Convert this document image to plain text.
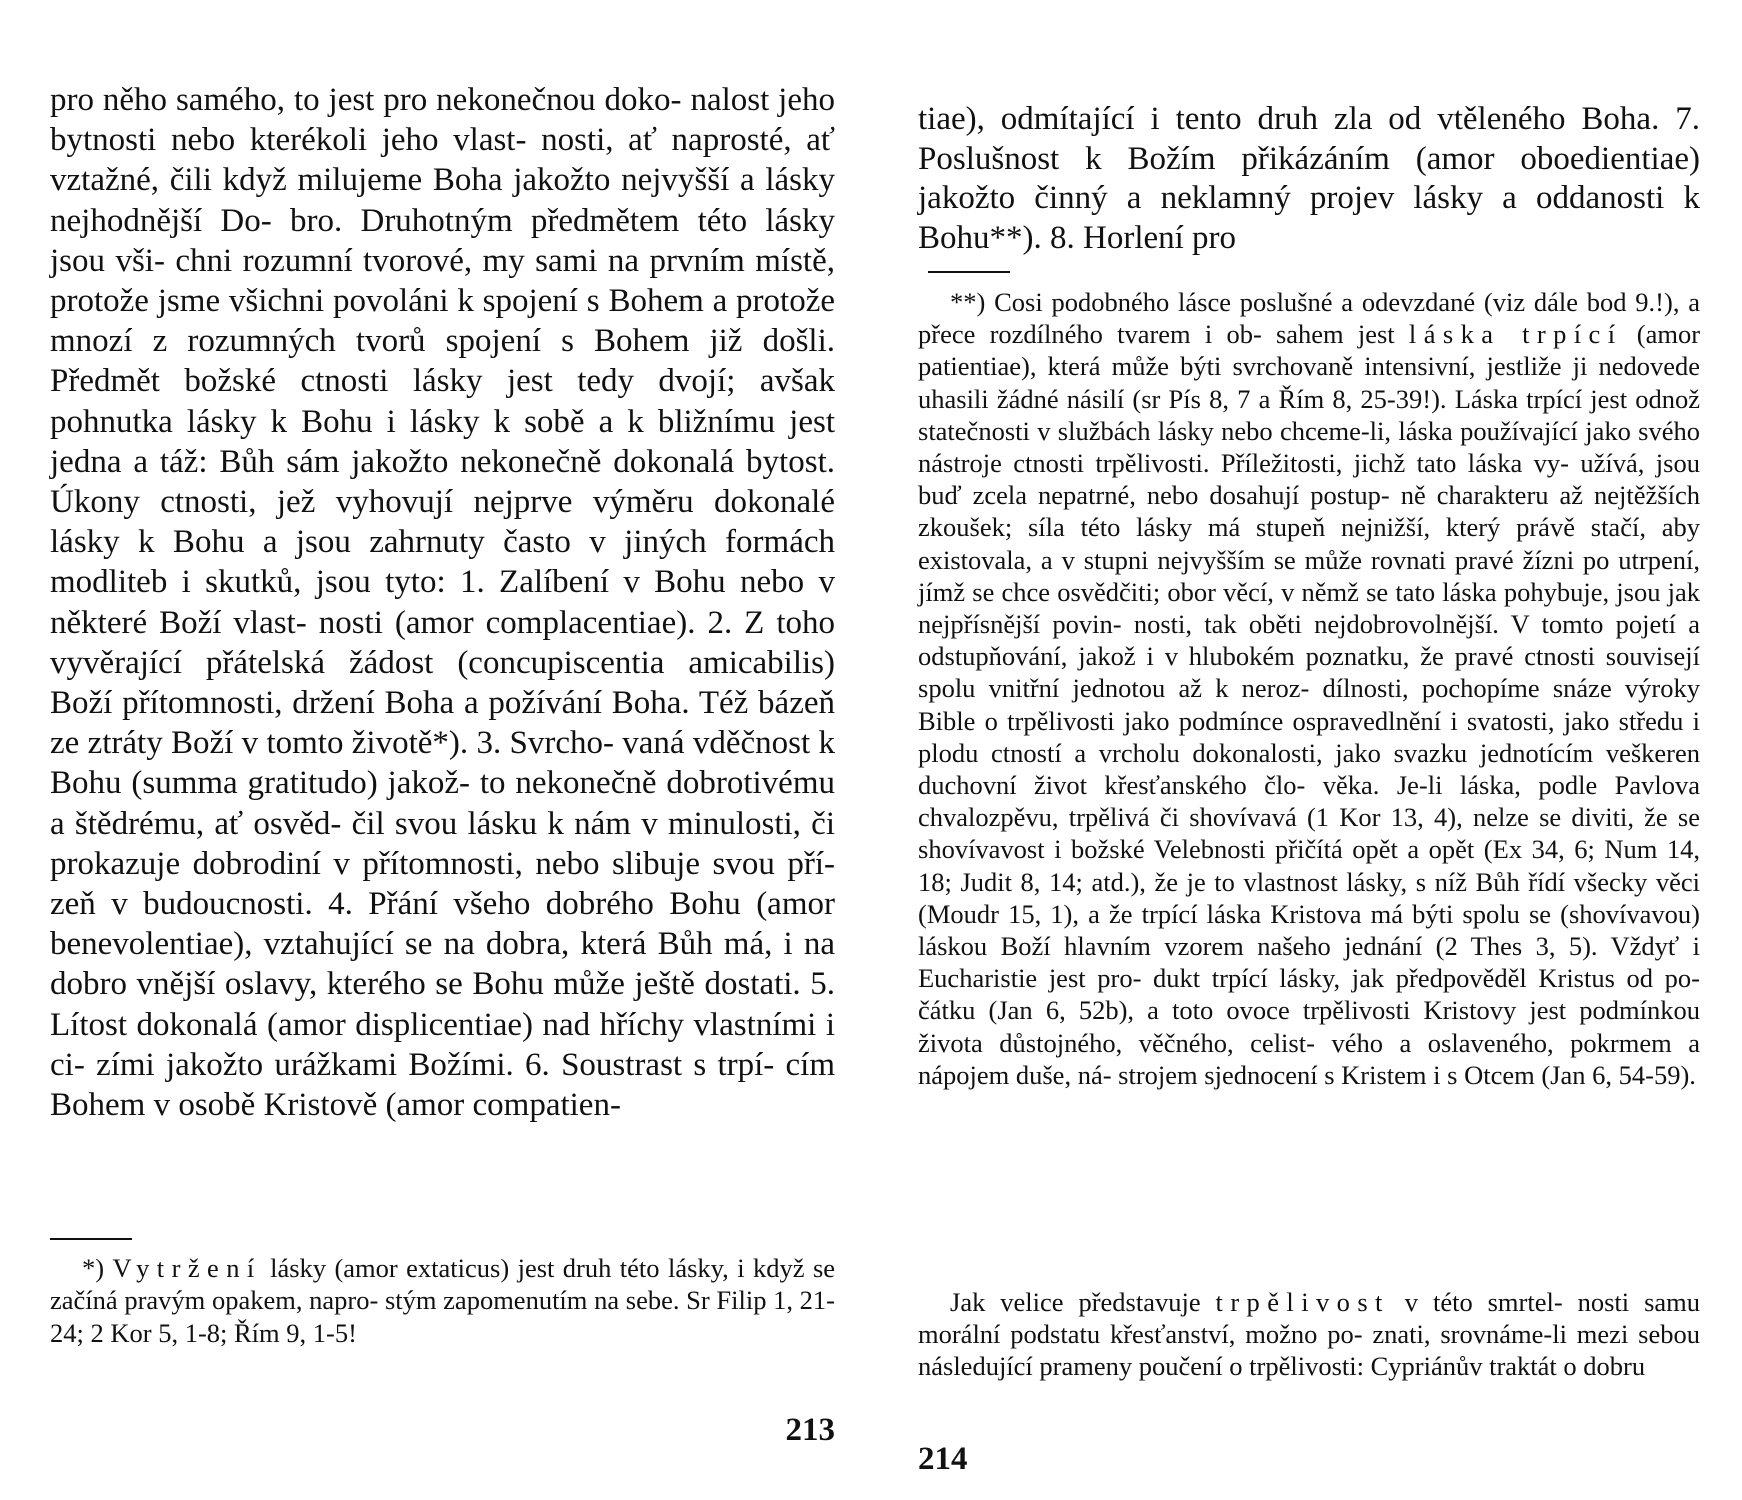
pro něho samého, to jest pro nekonečnou doko‑ nalost jeho bytnosti nebo kterékoli jeho vlast‑ nosti, ať naprosté, ať vztažné, čili když milujeme Boha jakožto nejvyšší a lásky nejhodnější Do‑ bro. Druhotným předmětem této lásky jsou vši‑ chni rozumní tvorové, my sami na prvním místě, protože jsme všichni povoláni k spojení s Bohem a protože mnozí z rozumných tvorů spojení s Bohem již došli. Předmět božské ctnosti lásky jest tedy dvojí; avšak pohnutka lásky k Bohu i lásky k sobě a k bližnímu jest jedna a táž: Bůh sám jakožto nekonečně dokonalá bytost. Úkony ctnosti, jež vyhovují nejprve výměru dokonalé lásky k Bohu a jsou zahrnuty často v jiných formách modliteb i skutků, jsou tyto: 1. Zalíbení v Bohu nebo v některé Boží vlast‑ nosti (amor complacentiae). 2. Z toho vyvěrající přátelská žádost (concupiscentia amicabilis) Boží přítomnosti, držení Boha a požívání Boha. Též bázeň ze ztráty Boží v tomto životě*). 3. Svrcho‑ vaná vděčnost k Bohu (summa gratitudo) jakož‑ to nekonečně dobrotivému a štědrému, ať osvěd‑ čil svou lásku k nám v minulosti, či prokazuje dobrodiní v přítomnosti, nebo slibuje svou pří‑ zeň v budoucnosti. 4. Přání všeho dobrého Bohu (amor benevolentiae), vztahující se na dobra, která Bůh má, i na dobro vnější oslavy, kterého se Bohu může ještě dostati. 5. Lítost dokonalá (amor displicentiae) nad hříchy vlastními i ci‑ zími jakožto urážkami Božími. 6. Soustrast s trpí‑ cím Bohem v osobě Kristově (amor compatien‑
*) Vytržení lásky (amor extaticus) jest druh této lásky, i když se začíná pravým opakem, napro‑ stým zapomenutím na sebe. Sr Filip 1, 21-24; 2 Kor 5, 1-8; Řím 9, 1-5!
213
tiae), odmítající i tento druh zla od vtěleného Boha. 7. Poslušnost k Božím přikázáním (amor oboedientiae) jakožto činný a neklamný projev lásky a oddanosti k Bohu**). 8. Horlení pro
**) Cosi podobného lásce poslušné a odevzdané (viz dále bod 9.!), a přece rozdílného tvarem i ob‑ sahem jest láska trpící (amor patientiae), která může býti svrchovaně intensivní, jestliže ji nedovede uhasili žádné násilí (sr Pís 8, 7 a Řím 8, 25-39!). Láska trpící jest odnož statečnosti v službách lásky nebo chceme-li, láska používající jako svého nástroje ctnosti trpělivosti. Příležitosti, jichž tato láska vy‑ užívá, jsou buď zcela nepatrné, nebo dosahují postup‑ ně charakteru až nejtěžších zkoušek; síla této lásky má stupeň nejnižší, který právě stačí, aby existovala, a v stupni nejvyšším se může rovnati pravé žízni po utrpení, jímž se chce osvědčiti; obor věcí, v němž se tato láska pohybuje, jsou jak nejpřísnější povin‑ nosti, tak oběti nejdobrovolnější. V tomto pojetí a odstupňování, jakož i v hlubokém poznatku, že pravé ctnosti souvisejí spolu vnitřní jednotou až k neroz‑ dílnosti, pochopíme snáze výroky Bible o trpělivosti jako podmínce ospravedlnění i svatosti, jako středu i plodu ctností a vrcholu dokonalosti, jako svazku jednotícím veškeren duchovní život křesťanského člo‑ věka. Je-li láska, podle Pavlova chvalozpěvu, trpělivá či shovívavá (1 Kor 13, 4), nelze se diviti, že se shovívavost i božské Velebnosti přičítá opět a opět (Ex 34, 6; Num 14, 18; Judit 8, 14; atd.), že je to vlastnost lásky, s níž Bůh řídí všecky věci (Moudr 15, 1), a že trpící láska Kristova má býti spolu se (shovívavou) láskou Boží hlavním vzorem našeho jednání (2 Thes 3, 5). Vždyť i Eucharistie jest pro‑ dukt trpící lásky, jak předpověděl Kristus od po‑ čátku (Jan 6, 52b), a toto ovoce trpělivosti Kristovy jest podmínkou života důstojného, věčného, celist‑ vého a oslaveného, pokrmem a nápojem duše, ná‑ strojem sjednocení s Kristem i s Otcem (Jan 6, 54-59).
Jak velice představuje trpělivost v této smrtel‑ nosti samu morální podstatu křesťanství, možno po‑ znati, srovnáme-li mezi sebou následující prameny poučení o trpělivosti: Cypriánův traktát o dobru
214
